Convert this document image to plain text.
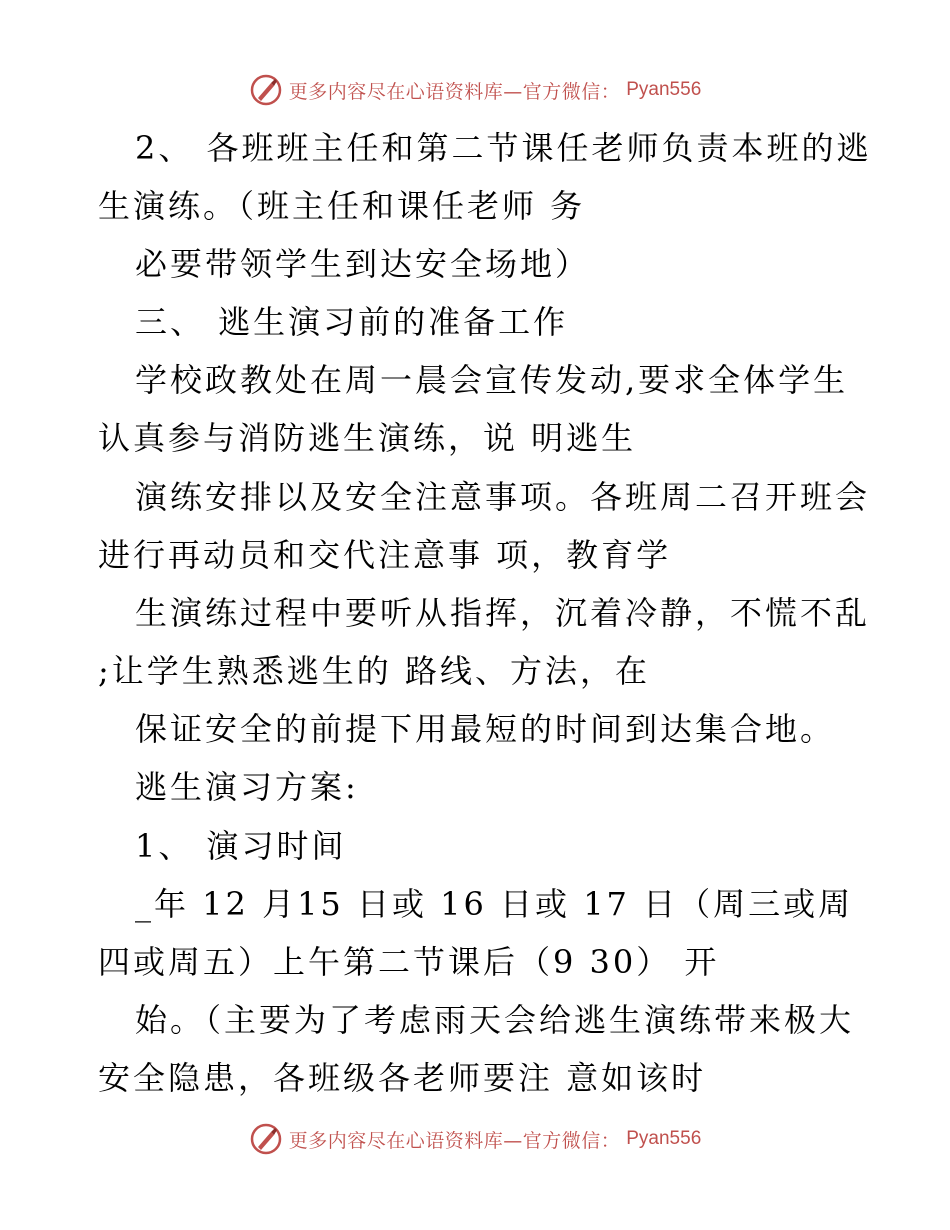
更多内容尽在心语资料库—官方微信： Pyan556
2、 各班班主任和第二节课任老师负责本班的逃
生演练。（班主任和课任老师 务
必要带领学生到达安全场地）
三、 逃生演习前的准备工作
学校政教处在周一晨会宣传发动,要求全体学生
认真参与消防逃生演练，说 明逃生
演练安排以及安全注意事项。各班周二召开班会
进行再动员和交代注意事 项，教育学
生演练过程中要听从指挥，沉着冷静，不慌不乱
;让学生熟悉逃生的 路线、方法，在
保证安全的前提下用最短的时间到达集合地。
逃生演习方案:
1、 演习时间
_年 12 月15 日或 16 日或 17 日（周三或周
四或周五）上午第二节课后（9 30） 开
始。（主要为了考虑雨天会给逃生演练带来极大
安全隐患，各班级各老师要注 意如该时
更多内容尽在心语资料库—官方微信： Pyan556
